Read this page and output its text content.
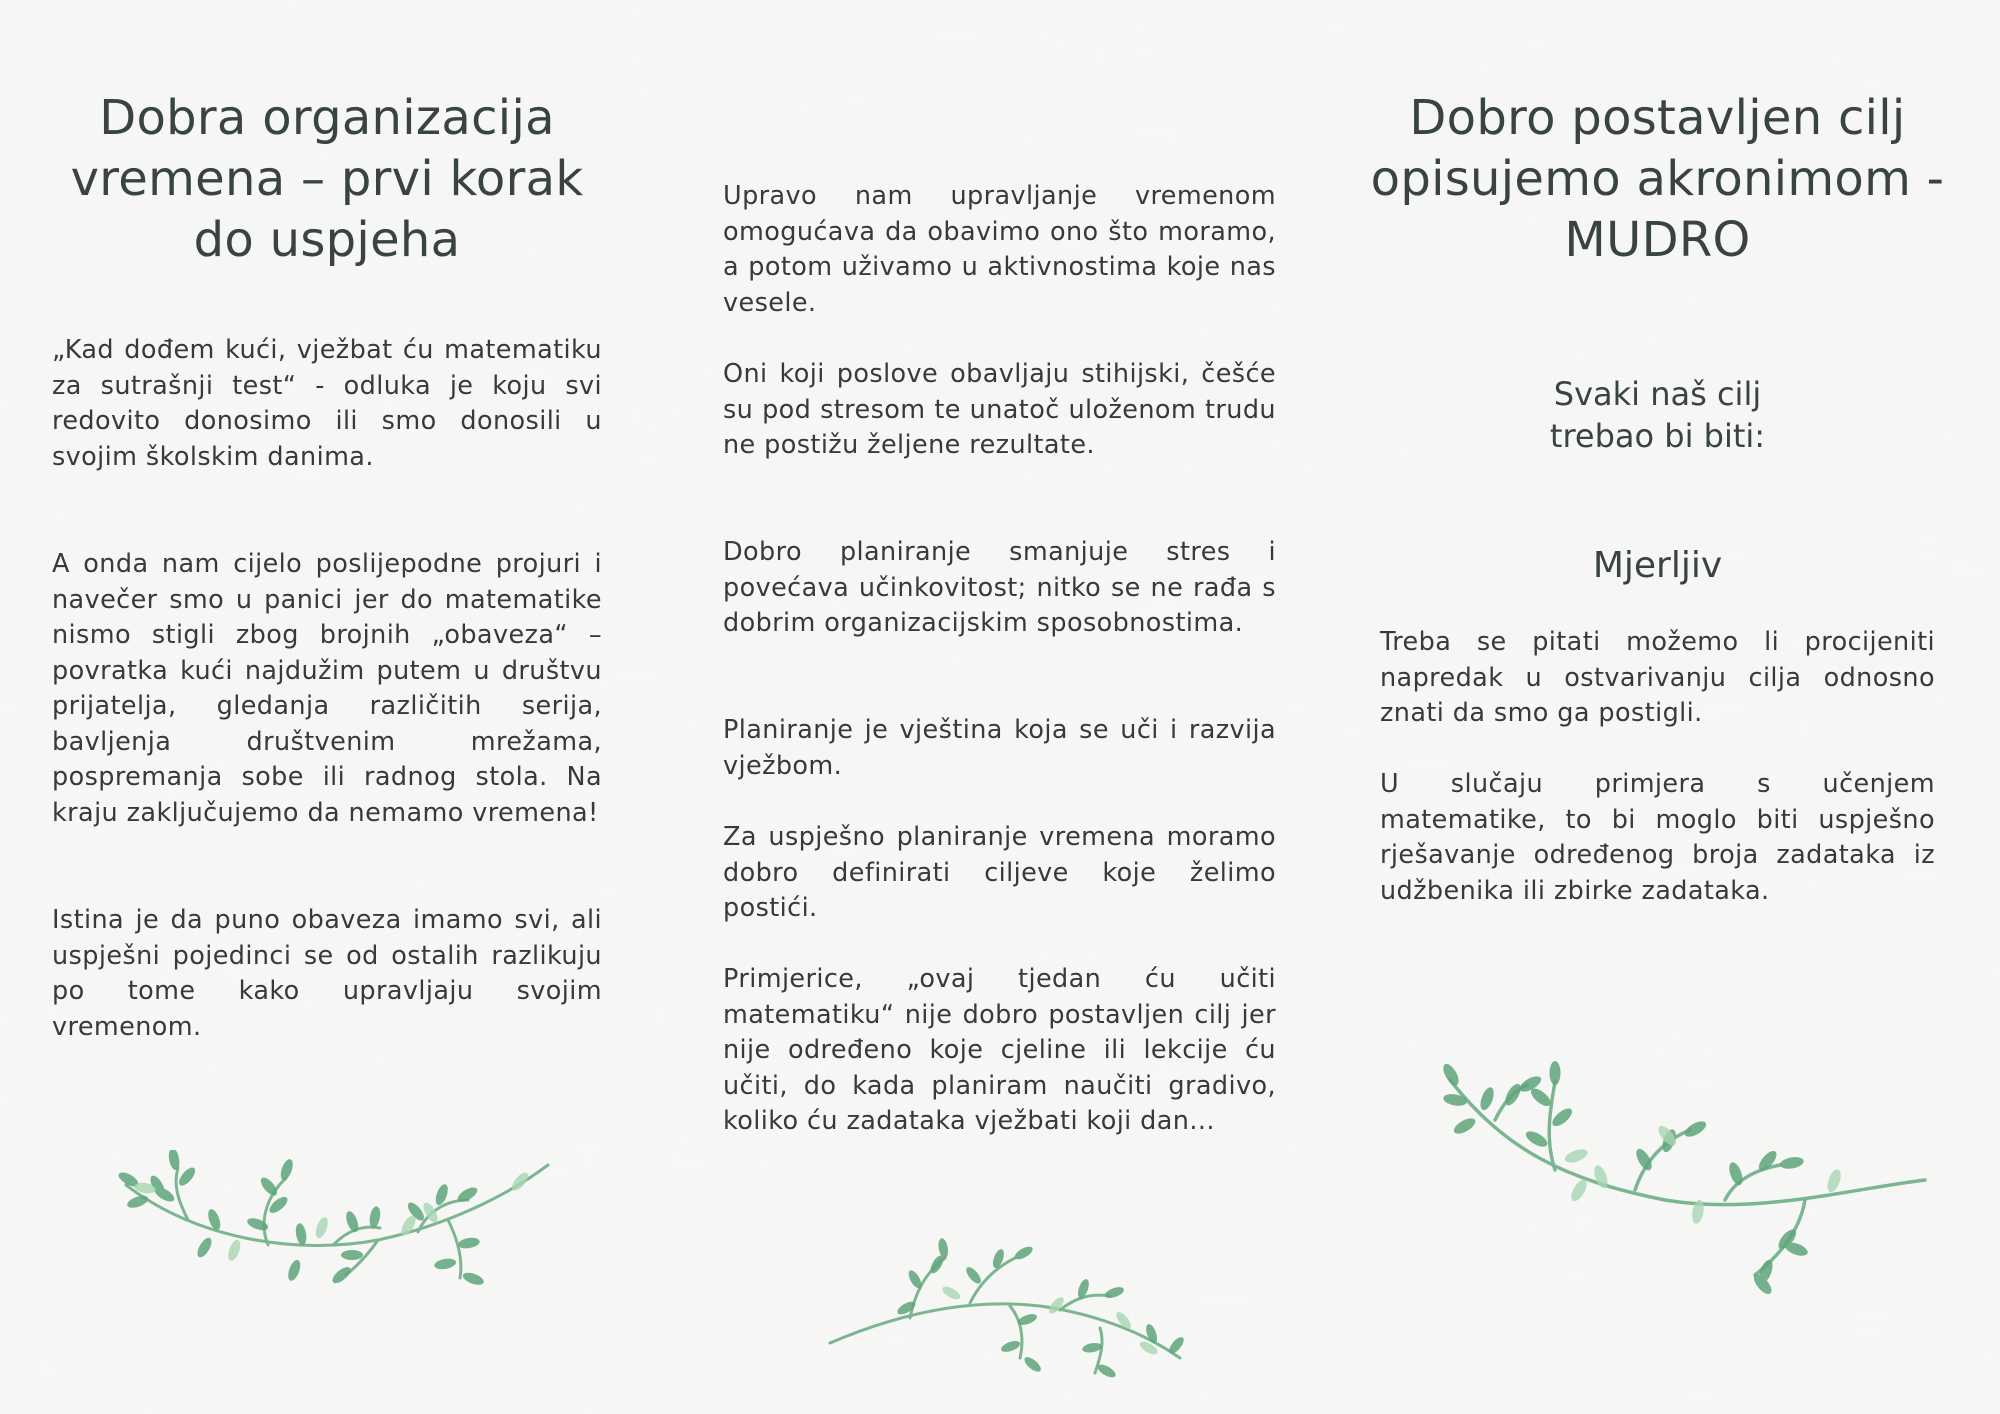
Dobra organizacija vremena – prvi korak do uspjeha

„Kad dođem kući, vježbat ću matematiku za sutrašnji test“ - odluka je koju svi redovito donosimo ili smo donosili u svojim školskim danima.

A onda nam cijelo poslijepodne projuri i navečer smo u panici jer do matematike nismo stigli zbog brojnih „obaveza“ – povratka kući najdužim putem u društvu prijatelja, gledanja različitih serija, bavljenja društvenim mrežama, pospremanja sobe ili radnog stola. Na kraju zaključujemo da nemamo vremena!

Istina je da puno obaveza imamo svi, ali uspješni pojedinci se od ostalih razlikuju po tome kako upravljaju svojim vremenom.

Upravo nam upravljanje vremenom omogućava da obavimo ono što moramo, a potom uživamo u aktivnostima koje nas vesele.

Oni koji poslove obavljaju stihijski, češće su pod stresom te unatoč uloženom trudu ne postižu željene rezultate.

Dobro planiranje smanjuje stres i povećava učinkovitost; nitko se ne rađa s dobrim organizacijskim sposobnostima.

Planiranje je vještina koja se uči i razvija vježbom.

Za uspješno planiranje vremena moramo dobro definirati ciljeve koje želimo postići.

Primjerice, „ovaj tjedan ću učiti matematiku“ nije dobro postavljen cilj jer nije određeno koje cjeline ili lekcije ću učiti, do kada planiram naučiti gradivo, koliko ću zadataka vježbati koji dan...

Dobro postavljen cilj opisujemo akronimom - MUDRO
Svaki naš cilj trebao bi biti:
Mjerljiv

Treba se pitati možemo li procijeniti napredak u ostvarivanju cilja odnosno znati da smo ga postigli.

U slučaju primjera s učenjem matematike, to bi moglo biti uspješno rješavanje određenog broja zadataka iz udžbenika ili zbirke zadataka.
